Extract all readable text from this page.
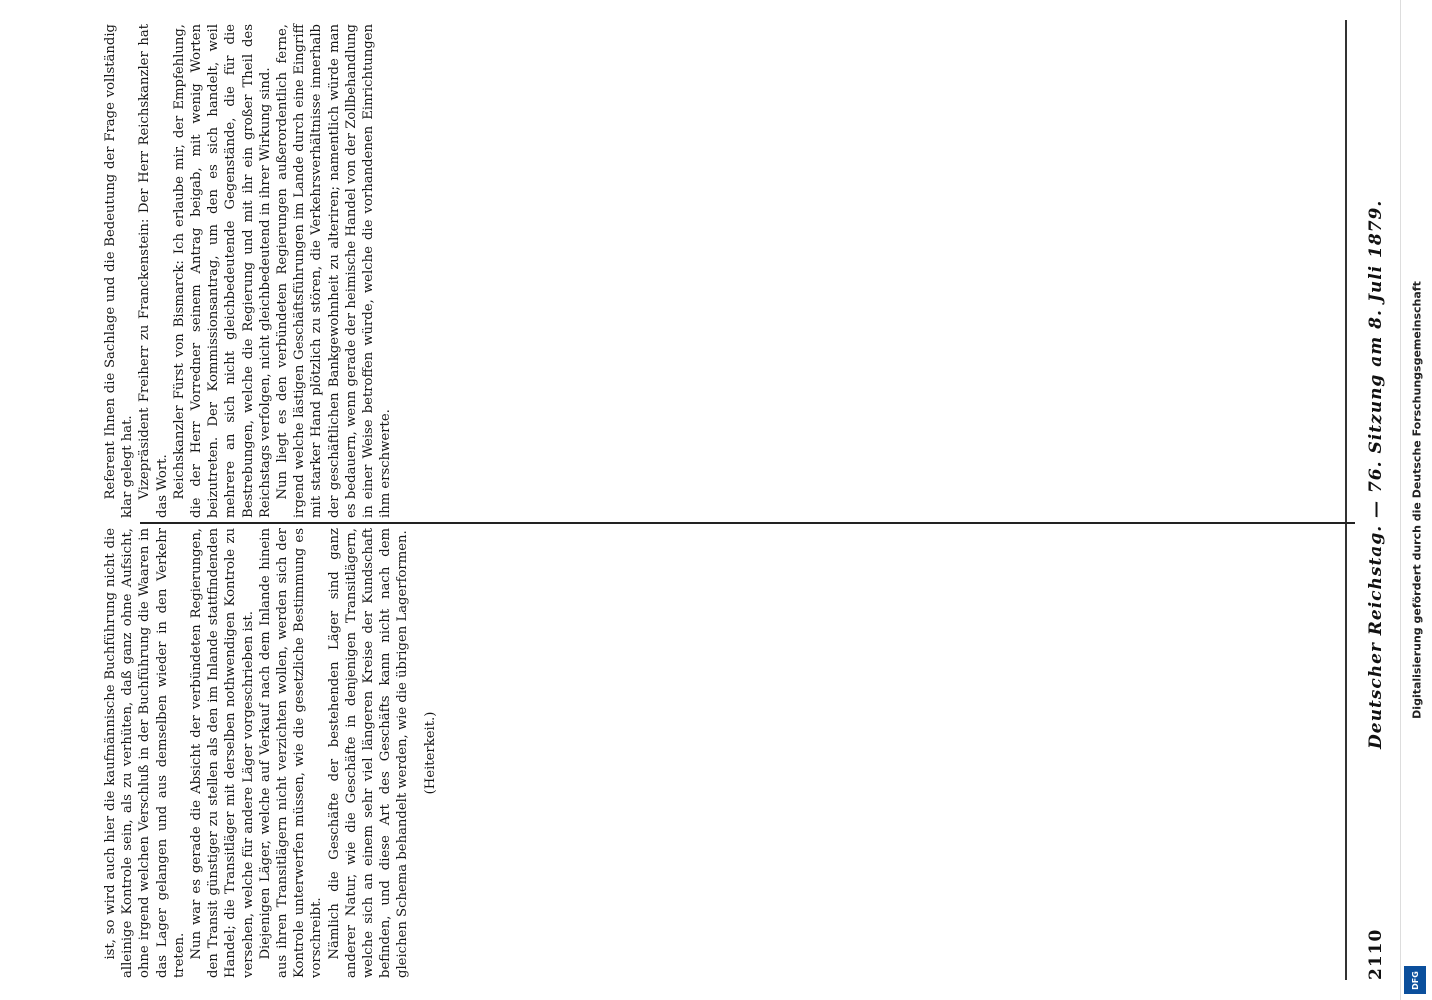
2110
Deutscher Reichstag. — 76. Sitzung am 8. Juli 1879.

Referent Ihnen die Sachlage und die Bedeutung der Frage vollständig klar gelegt hat. Vizepräsident Freiherr zu Franckenstein: Der Herr Reichskanzler hat das Wort. Reichskanzler Fürst von Bismarck: Ich erlaube mir, der Empfehlung, die der Herr Vorredner seinem Antrag beigab, mit wenig Worten beizutreten. Der Kommissionsantrag, um den es sich handelt, weil mehrere an sich nicht gleichbedeutende Gegenstände, die für die Bestrebungen, welche die Regierung und mit ihr ein großer Theil des Reichstags verfolgen, nicht gleichbedeutend in ihrer Wirkung sind. Nun liegt es den verbündeten Regierungen außerordentlich ferne, irgend welche lästigen Geschäftsführungen im Lande durch eine Eingriff mit starker Hand plötzlich zu stören, die Verkehrsverhältnisse innerhalb der geschäftlichen Bankgewohnheit zu alteriren; namentlich würde man es bedauern, wenn gerade der heimische Handel von der Zollbehandlung in einer Weise betroffen würde, welche die vorhandenen Einrichtungen ihm erschwerte.

ist, so wird auch hier die kaufmännische Buchführung nicht die alleinige Kontrole sein, als zu verhüten, daß ganz ohne Aufsicht, ohne irgend welchen Verschluß in der Buchführung die Waaren in das Lager gelangen und aus demselben wieder in den Verkehr treten. Nun war es gerade die Absicht der verbündeten Regierungen, den Transit günstiger zu stellen als den im Inlande stattfindenden Handel; die Transitläger mit derselben nothwendigen Kontrole zu versehen, welche für andere Läger vorgeschrieben ist. Diejenigen Läger, welche auf Verkauf nach dem Inlande hinein aus ihren Transitlägern nicht verzichten wollen, werden sich der Kontrole unterwerfen müssen, wie die gesetzliche Bestimmung es vorschreibt. Nämlich die Geschäfte der bestehenden Läger sind ganz anderer Natur, wie die Geschäfte in denjenigen Transitlägern, welche sich an einem sehr viel längeren Kreise der Kundschaft befinden, und diese Art des Geschäfts kann nicht nach dem gleichen Schema behandelt werden, wie die übrigen Lagerformen. (Heiterkeit.)

Digitalisierung gefördert durch die Deutsche Forschungsgemeinschaft
DFG
